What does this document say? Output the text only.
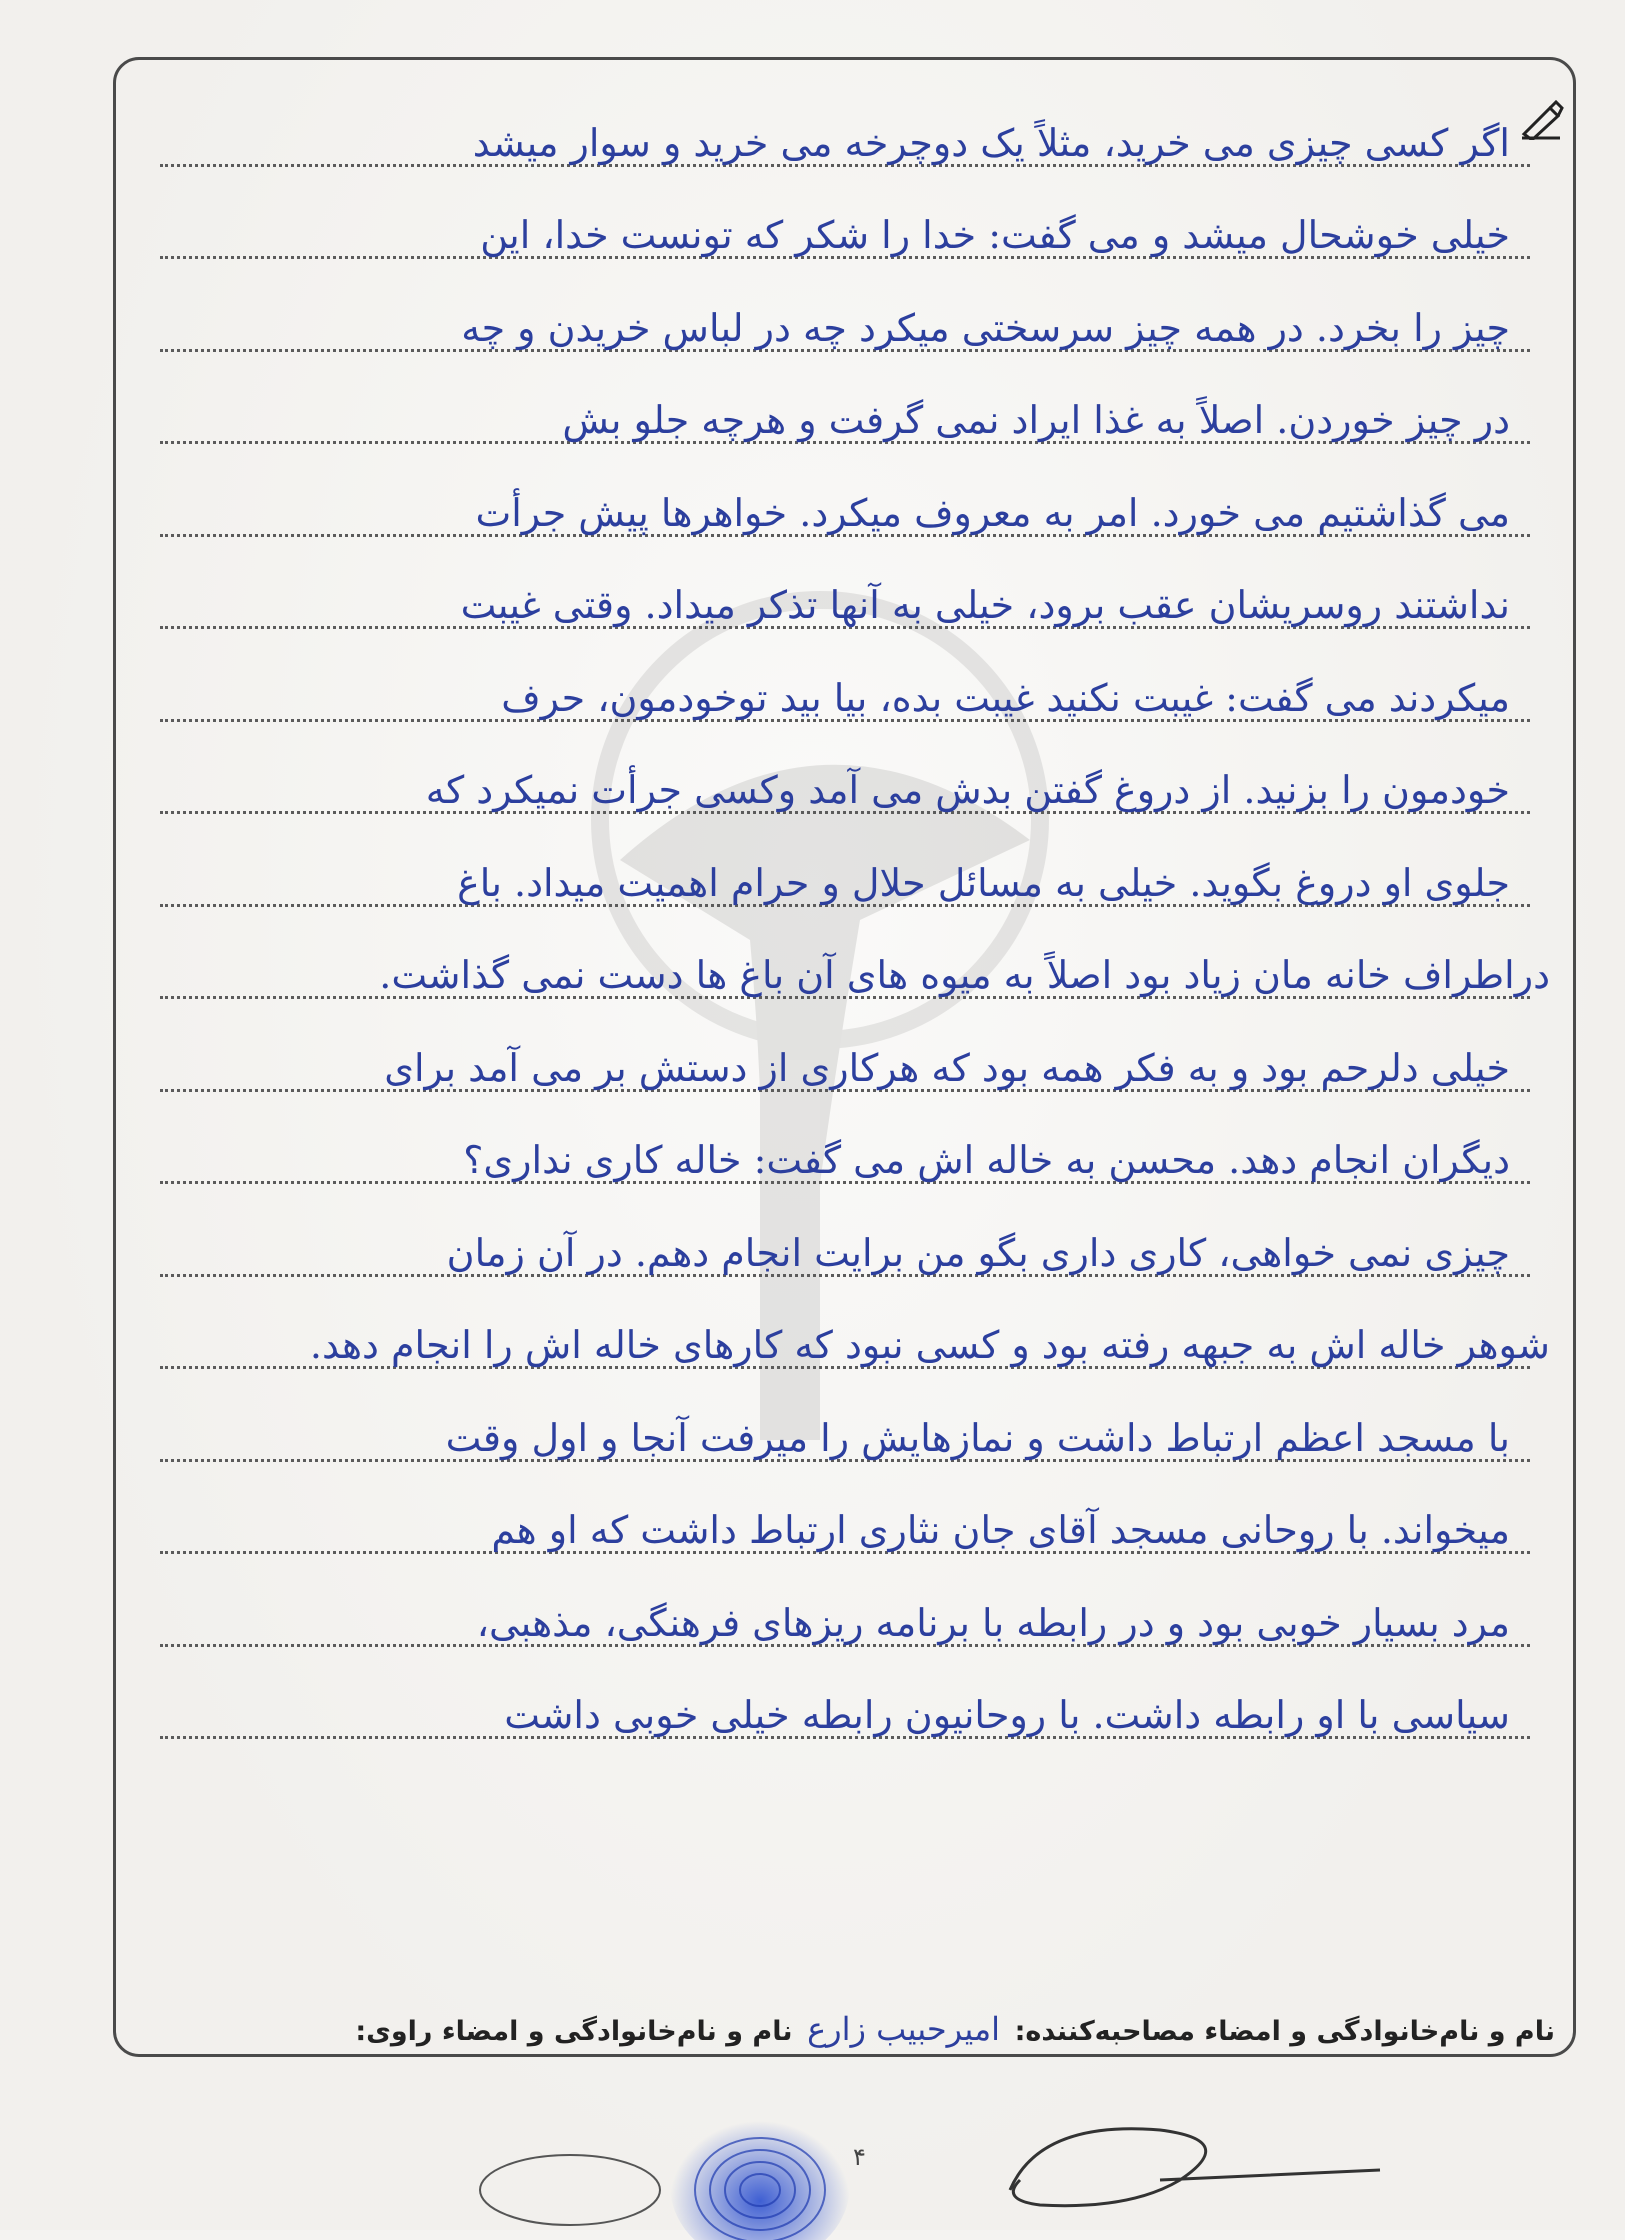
اگر کسی چیزی می خرید، مثلاً یک دوچرخه می خرید و سوار میشد
خیلی خوشحال میشد و می گفت: خدا را شکر که تونست خدا، این
چیز را بخرد. در همه چیز سرسختی میکرد چه در لباس خریدن و چه
در چیز خوردن. اصلاً به غذا ایراد نمی گرفت و هرچه جلو بش
می گذاشتیم می خورد. امر به معروف میکرد. خواهرها پیش جرأت
نداشتند روسریشان عقب برود، خیلی به آنها تذکر میداد. وقتی غیبت
میکردند می گفت: غیبت نکنید غیبت بده، بیا بید توخودمون، حرف
خودمون را بزنید. از دروغ گفتن بدش می آمد وکسی جرأت نمیکرد که
جلوی او دروغ بگوید. خیلی به مسائل حلال و حرام اهمیت میداد. باغ
دراطراف خانه مان زیاد بود اصلاً به میوه های آن باغ ها دست نمی گذاشت.
خیلی دلرحم بود و به فکر همه بود که هرکاری از دستش بر می آمد برای
دیگران انجام دهد. محسن به خاله اش می گفت: خاله کاری نداری؟
چیزی نمی خواهی، کاری داری بگو من برایت انجام دهم. در آن زمان
شوهر خاله اش به جبهه رفته بود و کسی نبود که کارهای خاله اش را انجام دهد.
با مسجد اعظم ارتباط داشت و نمازهایش را میرفت آنجا و اول وقت
میخواند. با روحانی مسجد آقای جان نثاری ارتباط داشت که او هم
مرد بسیار خوبی بود و در رابطه با برنامه ریزهای فرهنگی، مذهبی،
سیاسی با او رابطه داشت. با روحانیون رابطه خیلی خوبی داشت
نام و نام‌خانوادگی و امضاء مصاحبه‌کننده: امیرحبیب زارع نام و نام‌خانوادگی و امضاء راوی:
۴
